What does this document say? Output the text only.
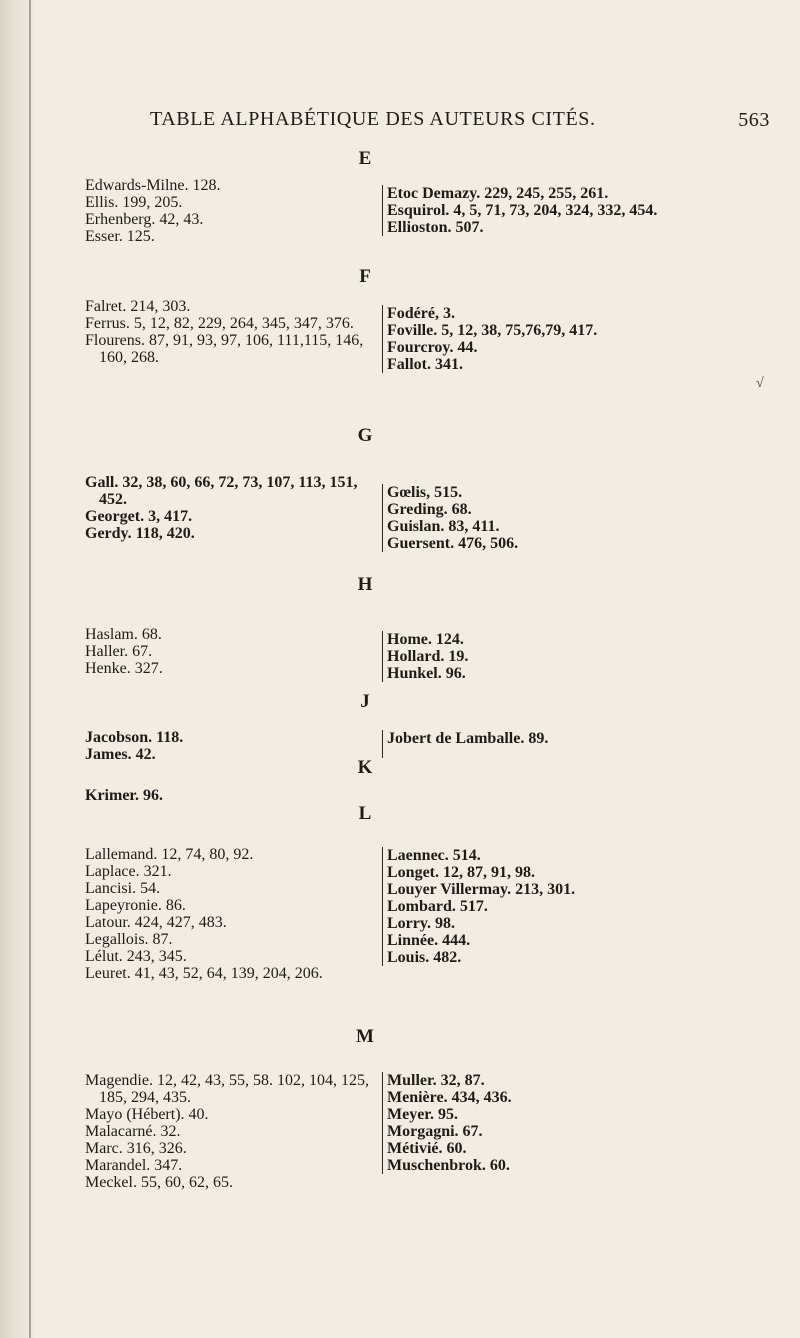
TABLE ALPHABÉTIQUE DES AUTEURS CITÉS.	563
√
E
Edwards-Milne. 128.
Ellis. 199, 205.
Erhenberg. 42, 43.
Esser. 125.
Etoc Demazy. 229, 245, 255, 261.
Esquirol. 4, 5, 71, 73, 204, 324, 332, 454.
Ellioston. 507.
F
Falret. 214, 303.
Ferrus. 5, 12, 82, 229, 264, 345, 347, 376.
Flourens. 87, 91, 93, 97, 106, 111,115, 146, 160, 268.
Fodéré, 3.
Foville. 5, 12, 38, 75,76,79, 417.
Fourcroy. 44.
Fallot. 341.
G
Gall. 32, 38, 60, 66, 72, 73, 107, 113, 151, 452.
Georget. 3, 417.
Gerdy. 118, 420.
Gœlis, 515.
Greding. 68.
Guislan. 83, 411.
Guersent. 476, 506.
H
Haslam. 68.
Haller. 67.
Henke. 327.
Home. 124.
Hollard. 19.
Hunkel. 96.
J
Jacobson. 118.
James. 42.
Jobert de Lamballe. 89.
K
Krimer. 96.
L
Lallemand. 12, 74, 80, 92.
Laplace. 321.
Lancisi. 54.
Lapeyronie. 86.
Latour. 424, 427, 483.
Legallois. 87.
Lélut. 243, 345.
Leuret. 41, 43, 52, 64, 139, 204, 206.
Laennec. 514.
Longet. 12, 87, 91, 98.
Louyer Villermay. 213, 301.
Lombard. 517.
Lorry. 98.
Linnée. 444.
Louis. 482.
M
Magendie. 12, 42, 43, 55, 58. 102, 104, 125, 185, 294, 435.
Mayo (Hébert). 40.
Malacarné. 32.
Marc. 316, 326.
Marandel. 347.
Meckel. 55, 60, 62, 65.
Muller. 32, 87.
Menière. 434, 436.
Meyer. 95.
Morgagni. 67.
Métivié. 60.
Muschenbrok. 60.
